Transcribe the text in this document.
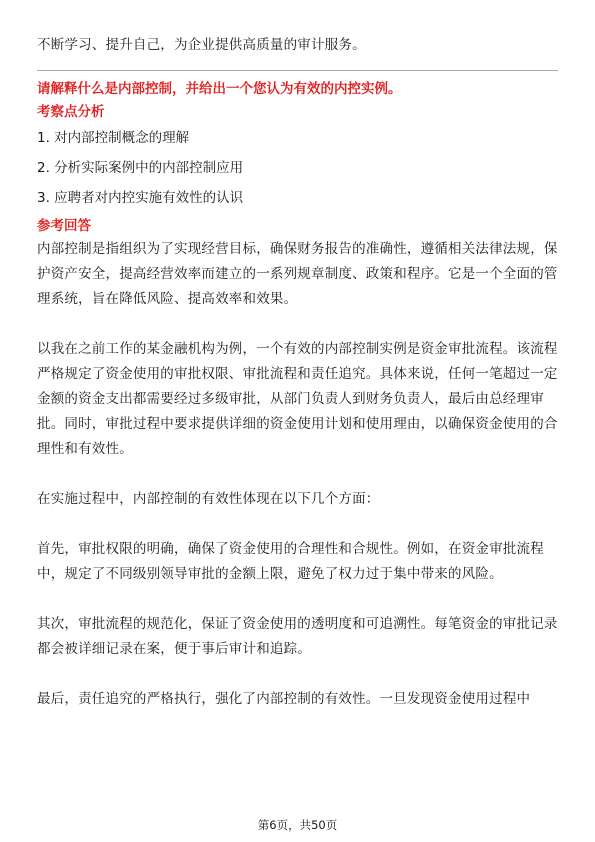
不断学习、提升自己，为企业提供高质量的审计服务。

请解释什么是内部控制，并给出一个您认为有效的内控实例。

考察点分析

1. 对内部控制概念的理解

2. 分析实际案例中的内部控制应用

3. 应聘者对内控实施有效性的认识

参考回答

内部控制是指组织为了实现经营目标，确保财务报告的准确性，遵循相关法律法规，保护资产安全，提高经营效率而建立的一系列规章制度、政策和程序。它是一个全面的管理系统，旨在降低风险、提高效率和效果。

以我在之前工作的某金融机构为例，一个有效的内部控制实例是资金审批流程。该流程严格规定了资金使用的审批权限、审批流程和责任追究。具体来说，任何一笔超过一定金额的资金支出都需要经过多级审批，从部门负责人到财务负责人，最后由总经理审批。同时，审批过程中要求提供详细的资金使用计划和使用理由，以确保资金使用的合理性和有效性。

在实施过程中，内部控制的有效性体现在以下几个方面：

首先，审批权限的明确，确保了资金使用的合理性和合规性。例如，在资金审批流程中，规定了不同级别领导审批的金额上限，避免了权力过于集中带来的风险。

其次，审批流程的规范化，保证了资金使用的透明度和可追溯性。每笔资金的审批记录都会被详细记录在案，便于事后审计和追踪。

最后，责任追究的严格执行，强化了内部控制的有效性。一旦发现资金使用过程中

第6页，共50页
